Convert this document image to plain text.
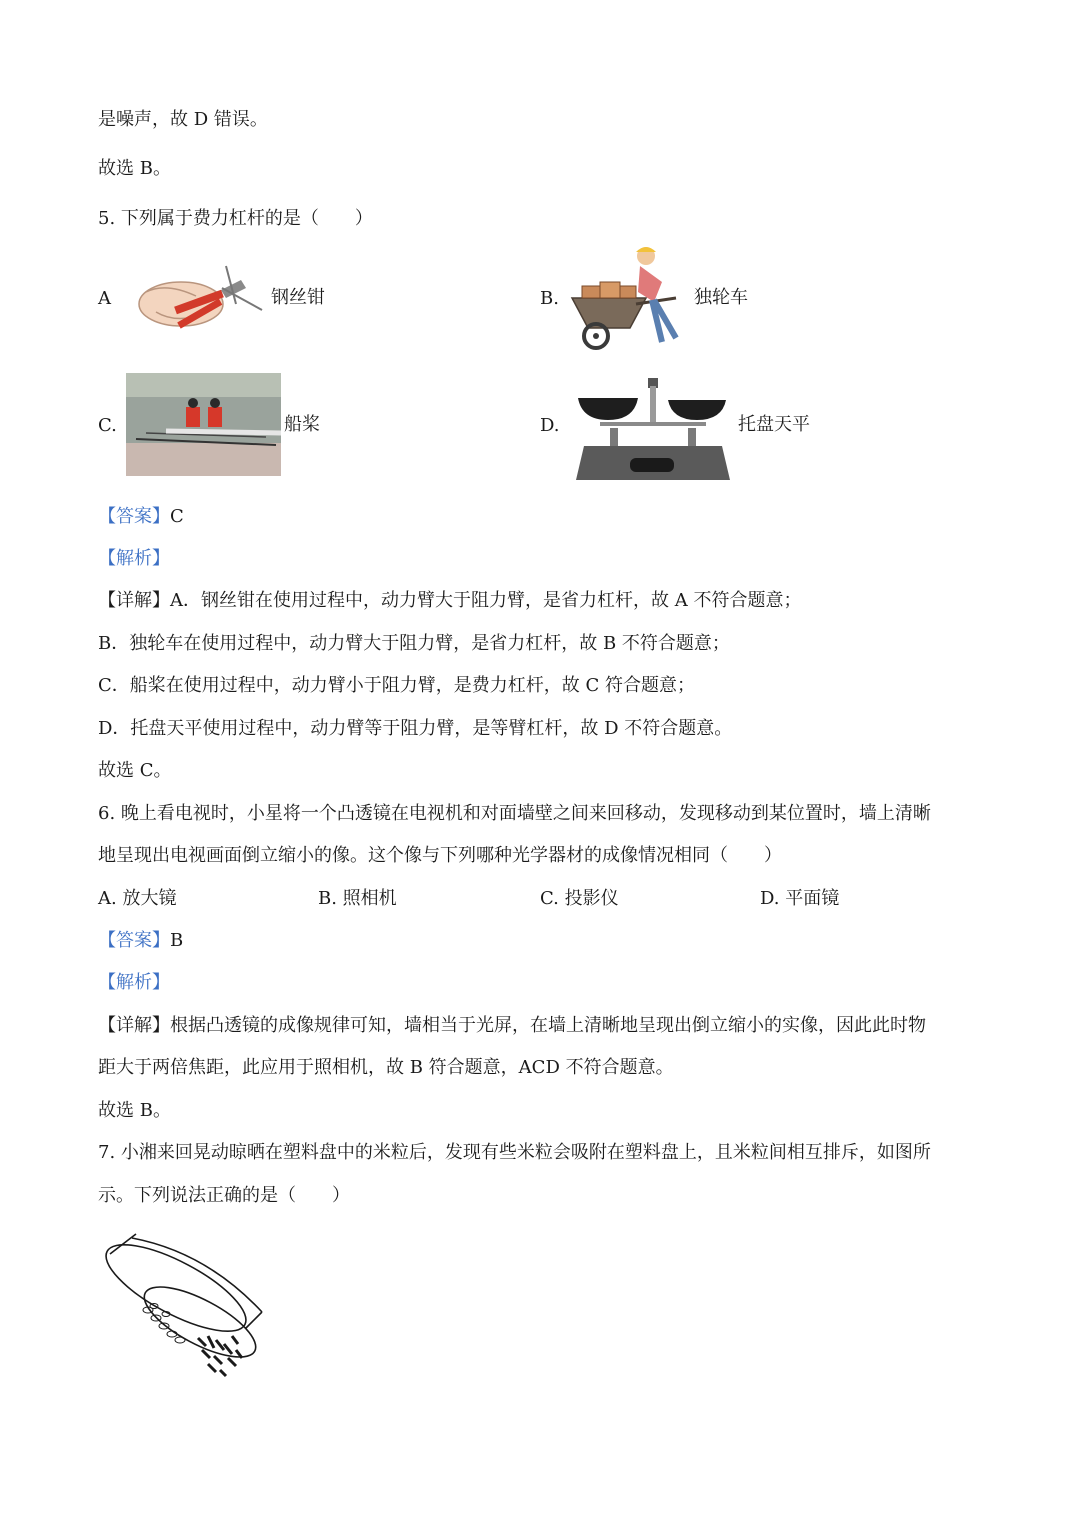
是噪声，故 D 错误。
故选 B。
5. 下列属于费力杠杆的是（　　）
A	钢丝钳	B.	独轮车
C.	船桨	D.	托盘天平
【答案】C
【解析】
【详解】A．钢丝钳在使用过程中，动力臂大于阻力臂，是省力杠杆，故 A 不符合题意；
B．独轮车在使用过程中，动力臂大于阻力臂，是省力杠杆，故 B 不符合题意；
C．船桨在使用过程中，动力臂小于阻力臂，是费力杠杆，故 C 符合题意；
D．托盘天平使用过程中，动力臂等于阻力臂，是等臂杠杆，故 D 不符合题意。
故选 C。
6. 晚上看电视时，小星将一个凸透镜在电视机和对面墙壁之间来回移动，发现移动到某位置时，墙上清晰
地呈现出电视画面倒立缩小的像。这个像与下列哪种光学器材的成像情况相同（　　）
A. 放大镜	B. 照相机	C. 投影仪	D. 平面镜
【答案】B
【解析】
【详解】根据凸透镜的成像规律可知，墙相当于光屏，在墙上清晰地呈现出倒立缩小的实像，因此此时物
距大于两倍焦距，此应用于照相机，故 B 符合题意，ACD 不符合题意。
故选 B。
7. 小湘来回晃动晾晒在塑料盘中的米粒后，发现有些米粒会吸附在塑料盘上，且米粒间相互排斥，如图所
示。下列说法正确的是（　　）
